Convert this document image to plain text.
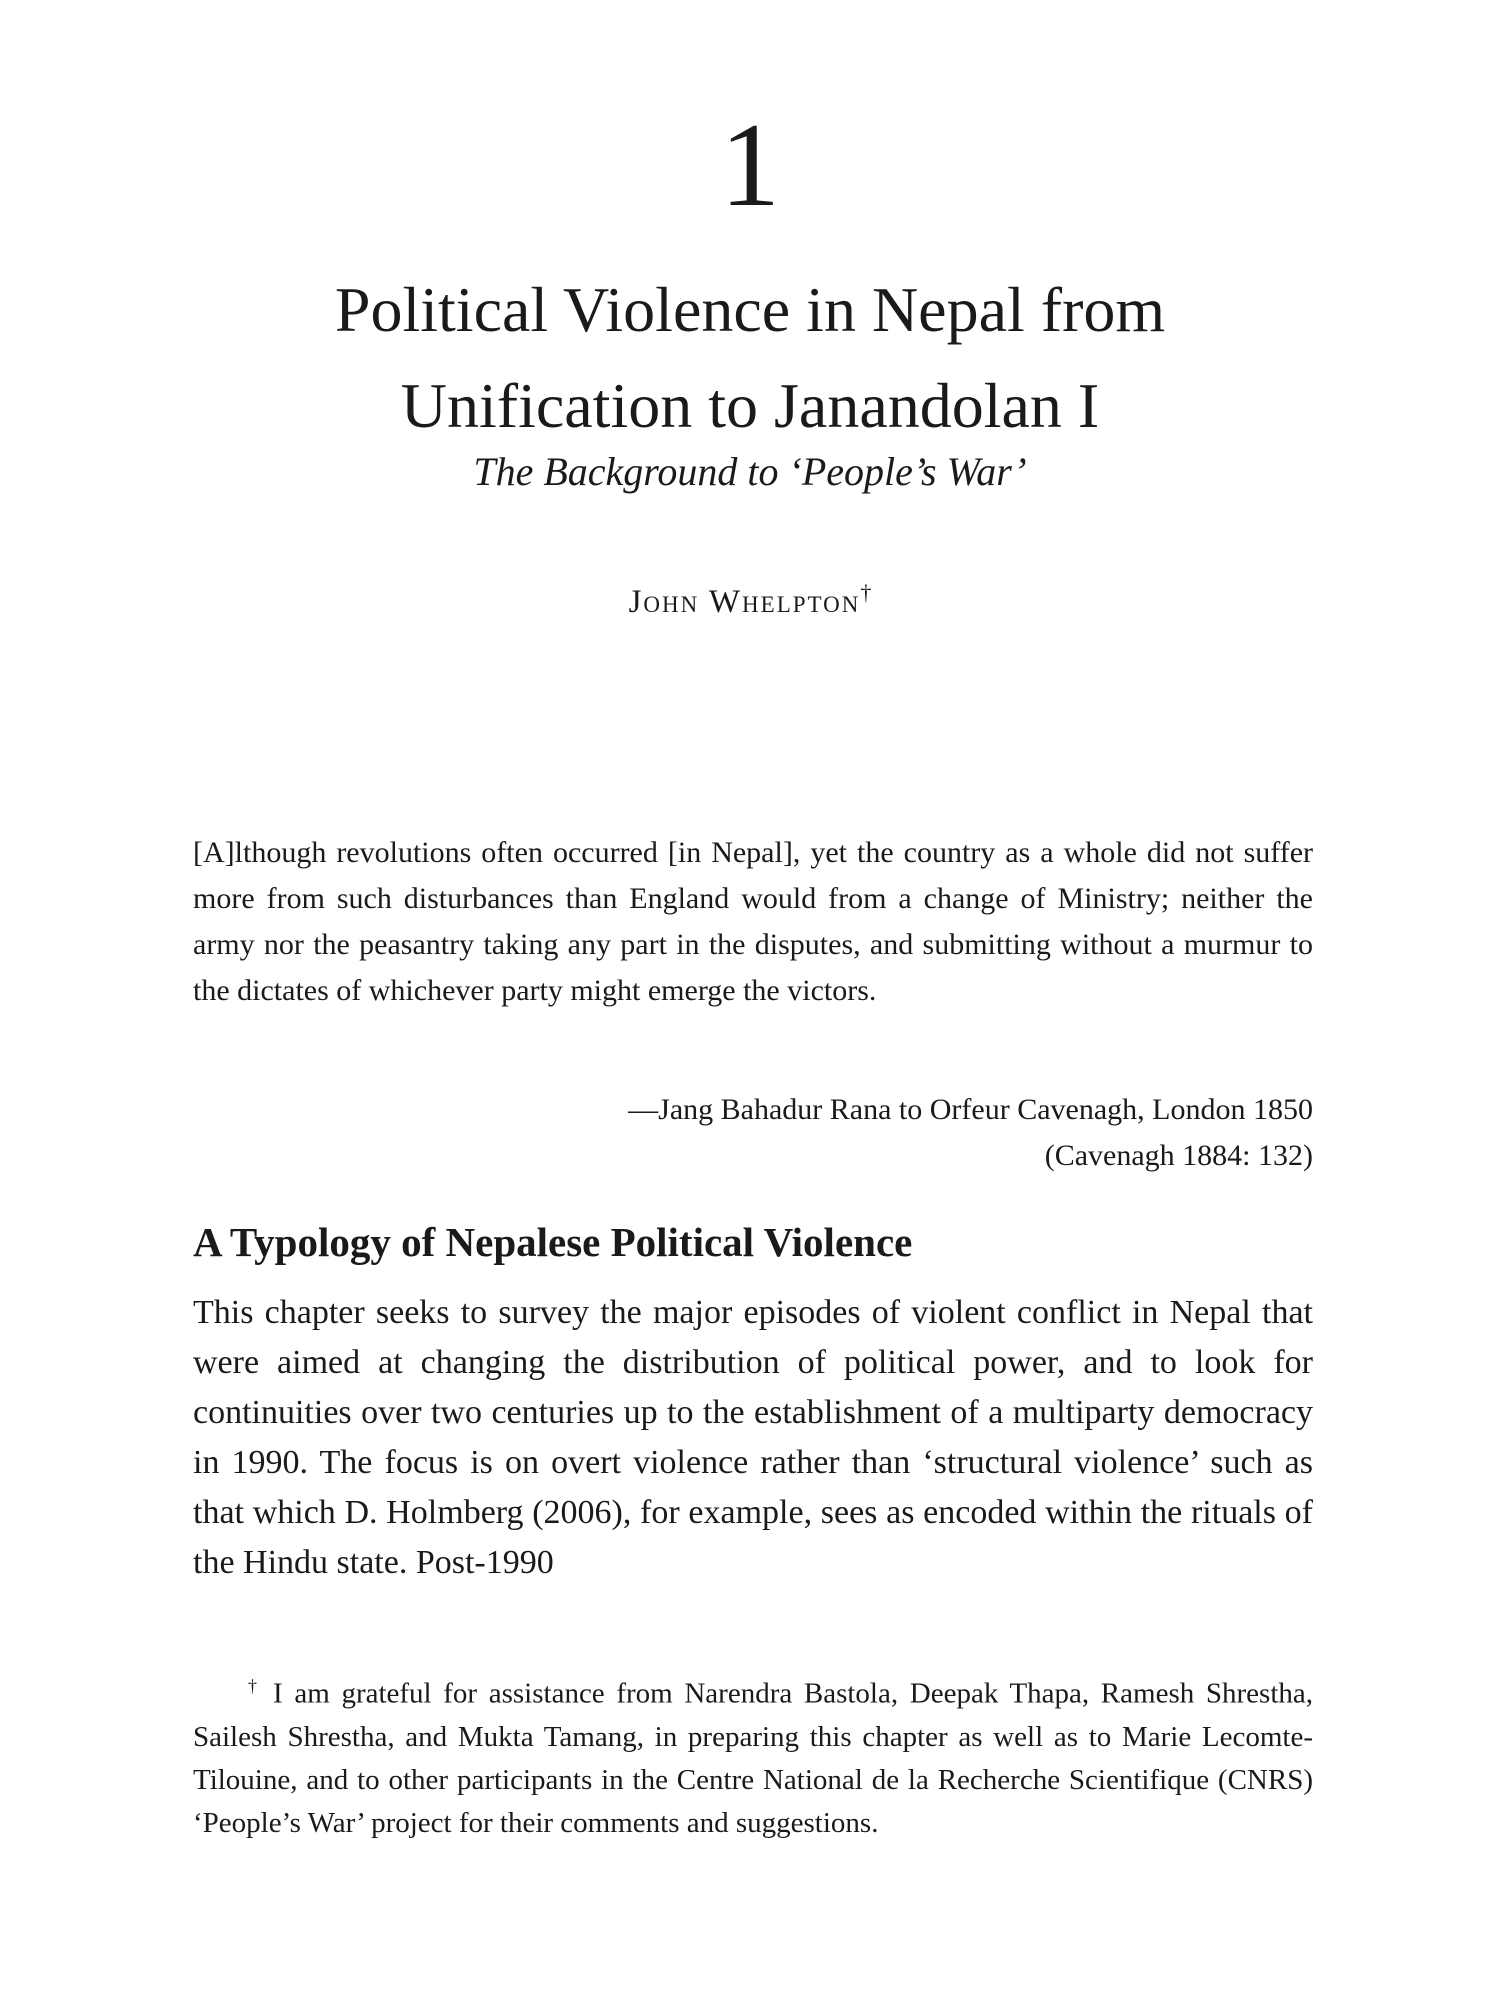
1
Political Violence in Nepal from
Unification to Janandolan I
The Background to ‘People’s War’
John Whelpton†
[A]lthough revolutions often occurred [in Nepal], yet the country as a whole did not suffer more from such disturbances than England would from a change of Ministry; neither the army nor the peasantry taking any part in the disputes, and submitting without a murmur to the dictates of whichever party might emerge the victors.
—Jang Bahadur Rana to Orfeur Cavenagh, London 1850
(Cavenagh 1884: 132)
A Typology of Nepalese Political Violence

This chapter seeks to survey the major episodes of violent conflict in Nepal that were aimed at changing the distribution of political power, and to look for continuities over two centuries up to the establishment of a multiparty democracy in 1990. The focus is on overt violence rather than ‘structural violence’ such as that which D. Holmberg (2006), for example, sees as encoded within the rituals of the Hindu state. Post-1990

† I am grateful for assistance from Narendra Bastola, Deepak Thapa, Ramesh Shrestha, Sailesh Shrestha, and Mukta Tamang, in preparing this chapter as well as to Marie Lecomte-Tilouine, and to other participants in the Centre National de la Recherche Scientifique (CNRS) ‘People’s War’ project for their comments and suggestions.
